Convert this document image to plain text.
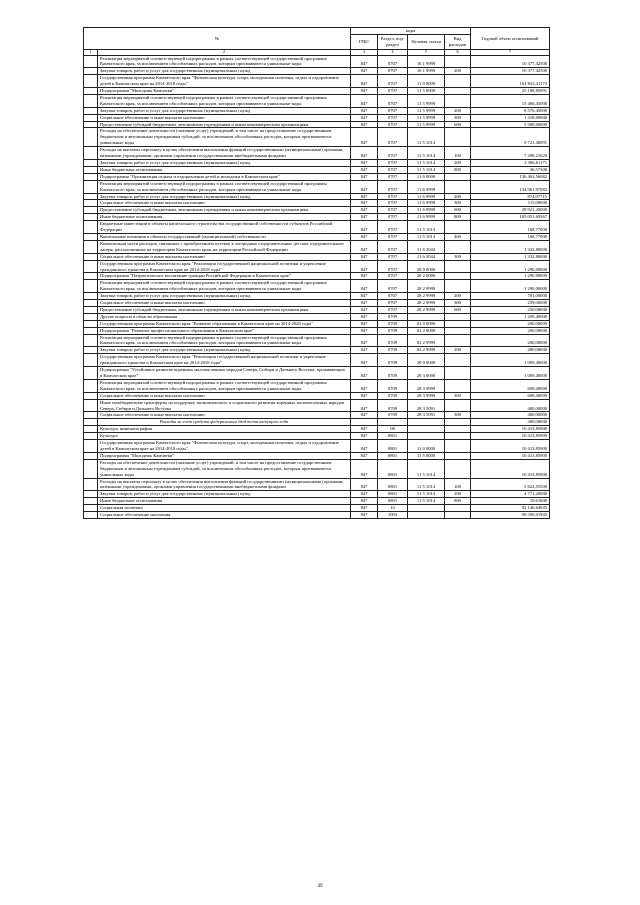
№		коды				Годовой объем ассигнований
		ГРБС	Раздел, под-раздел	Целевая статья	Вид расходов	
1	2	3	4	5	6	7
	Реализация мероприятий соответствующей подпрограммы в рамках соответствующей государственной программы Камчатского края, за исключением обособленных расходов, которым присваиваются уникальные коды	847	0707	16 1 9999		10 377,42500
	Закупка товаров, работ и услуг для государственных (муниципальных) нужд	847	0707	16 1 9999	200	10 377,42500
	Государственная программа Камчатского края "Физическая культура, спорт, молодежная политика, отдых и оздоровление детей в Камчатском крае на 2014-2018 годы"	847	0707	11 0 0000		161 653,41173
	Подпрограмма "Молодежь Камчатки"	847	0707	11 5 0000		25 188,85091
	Реализация мероприятий соответствующей подпрограммы в рамках соответствующей государственной программы Камчатского края, за исключением обособленных расходов, которым присваиваются уникальные коды	847	0707	11 5 9999		15 466,45000
	Закупка товаров, работ и услуг для государственных (муниципальных) нужд	847	0707	11 5 9999	200	8 570,45000
	Социальное обеспечение и иные выплаты населению	847	0707	11 5 9999	300	1 318,00000
	Предоставление субсидий бюджетным, автономным учреждениям и иным некоммерческим организациям	847	0707	11 5 9999	600	5 580,00000
	Расходы на обеспечение деятельности (оказание услуг) учреждений, в том числе на предоставление государственным бюджетным и автономным учреждениям субсидий, за исключением обособленных расходов, которым присваиваются уникальные коды	847	0707	11 5 1014		9 721,40091
	Расходы на выплаты персоналу в целях обеспечения выполнения функций государственными (муниципальными) органами, казенными учреждениями, органами управления государственными внебюджетными фондами	847	0707	11 5 1014	100	7 298,21620
	Закупка товаров, работ и услуг для государственных (муниципальных) нужд	847	0707	11 5 1014	200	2 386,61171
	Иные бюджетные ассигнования	847	0707	11 5 1014	800	36,57300
	Подпрограмма "Организация отдыха и оздоровления детей и молодежи в Камчатском крае"	847	0707	11 6 0000		136 463,56082
	Реализация мероприятий соответствующей подпрограммы в рамках соответствующей государственной программы Камчатского края, за исключением обособленных расходов, которым присваиваются уникальные коды	847	0707	11 6 9999		134 961,97082
	Закупка товаров, работ и услуг для государственных (муниципальных) нужд	847	0707	11 6 9999	200	874,07715
	Социальное обеспечение и иные выплаты населению	847	0707	11 6 9999	300	115,00000
	Предоставление субсидий бюджетным, автономным учреждениям и иным некоммерческим организациям	847	0707	11 6 9999	600	28 921,20000
	Иные бюджетные ассигнования	847	0707	11 6 9999	800	105 051,69367
	Бюджетные инвестиции в объекты капитального строительства государственной собственности субъектов Российской Федерации	847	0707	11 5 1013		168,77000
	Капитальные вложения в объекты государственной (муниципальной) собственности	847	0707	11 5 1013	400	168,77000
	Компенсация части расходов, связанных с приобретением путевок в загородные оздоровительные детские оздоровительные лагеря, расположенные на территории Камчатского края, на территории Российской Федерации	847	0707	11 6 2044		1 332,80000
	Социальное обеспечение и иные выплаты населению	847	0707	11 6 2044	300	1 332,80000
	Государственная программа Камчатского края "Реализация государственной национальной политики и укрепление гражданского единства в Камчатском крае на 2014-2018 годы"	847	0707	28 0 0000		1 290,00000
	Подпрограмма "Патриотическое воспитание граждан Российской Федерации в Камчатском крае"	847	0707	28 2 0000		1 290,00000
	Реализация мероприятий соответствующей подпрограммы в рамках соответствующей государственной программы Камчатского края, за исключением обособленных расходов, которым присваиваются уникальные коды	847	0707	28 2 9999		1 290,00000
	Закупка товаров, работ и услуг для государственных (муниципальных) нужд	847	0707	28 2 9999	200	781,00000
	Социальное обеспечение и иные выплаты населению	847	0707	28 2 9999	300	259,00000
	Предоставление субсидий бюджетным, автономным учреждениям и иным некоммерческим организациям	847	0707	28 2 9999	600	250,00000
	Другие вопросы в области образования	847	0709			1 209,40000
	Государственная программа Камчатского края "Развитие образования в Камчатском крае на 2014-2020 годы"	847	0709	02 0 0000		200,00000
	Подпрограмма "Развитие профессионального образования в Камчатском крае"	847	0709	02 2 0000		200,00000
	Реализация мероприятий соответствующей подпрограммы в рамках соответствующей государственной программы Камчатского края, за исключением обособленных расходов, которым присваиваются уникальные коды	847	0709	02 2 9999		200,00000
	Закупка товаров, работ и услуг для государственных (муниципальных) нужд	847	0709	02 2 9999	200	200,00000
	Государственная программа Камчатского края "Реализация государственной национальной политики и укрепление гражданского единства в Камчатском крае на 2014-2018 годы"	847	0709	28 0 0000		1 009,40000
	Подпрограмма "Устойчивое развитие коренных малочисленных народов Севера, Сибири и Дальнего Востока, проживающих в Камчатском крае"	847	0709	28 3 0000		1 009,40000
	Реализация мероприятий соответствующей подпрограммы в рамках соответствующей государственной программы Камчатского края, за исключением обособленных расходов, которым присваиваются уникальные коды	847	0709	28 3 9999		609,40000
	Социальное обеспечение и иные выплаты населению	847	0709	28 3 9999	300	609,40000
	Иные межбюджетные трансферты на поддержку экономического и социального развития коренных малочисленных народов Севера, Сибири и Дальнего Востока	847	0709	28 3 5091		400,00000
	Социальное обеспечение и иные выплаты населению	847	0709	28 3 5091	300	400,00000
	Расходы за счет средств федерального бюджета текущего года					400,00000
	Культура, кинематография	847	08			10 413,85900
	Культура	847	0801			10 413,85900
	Государственная программа Камчатского края "Физическая культура, спорт, молодежная политика, отдых и оздоровление детей в Камчатском крае на 2014-2018 годы"	847	0801	11 0 0000		10 413,85900
	Подпрограмма "Молодежь Камчатки"	847	0801	11 5 0000		10 413,85900
	Расходы на обеспечение деятельности (оказание услуг) учреждений, в том числе на предоставление государственным бюджетным и автономным учреждениям субсидий, за исключением обособленных расходов, которым присваиваются уникальные коды	847	0801	11 5 1014		10 413,85900
	Расходы на выплаты персоналу в целях обеспечения выполнения функций государственными (муниципальными) органами, казенными учреждениями, органами управления государственными внебюджетными фондами	847	0801	11 5 1014	100	5 622,55500
	Закупка товаров, работ и услуг для государственных (муниципальных) нужд	847	0801	11 5 1014	200	4 771,20000
	Иные бюджетные ассигнования	847	0801	11 5 1014	800	19,61600
	Социальная политика	847	10			92 146,64945
	Социальное обеспечение населения	847	1003			90 350,01945
49
